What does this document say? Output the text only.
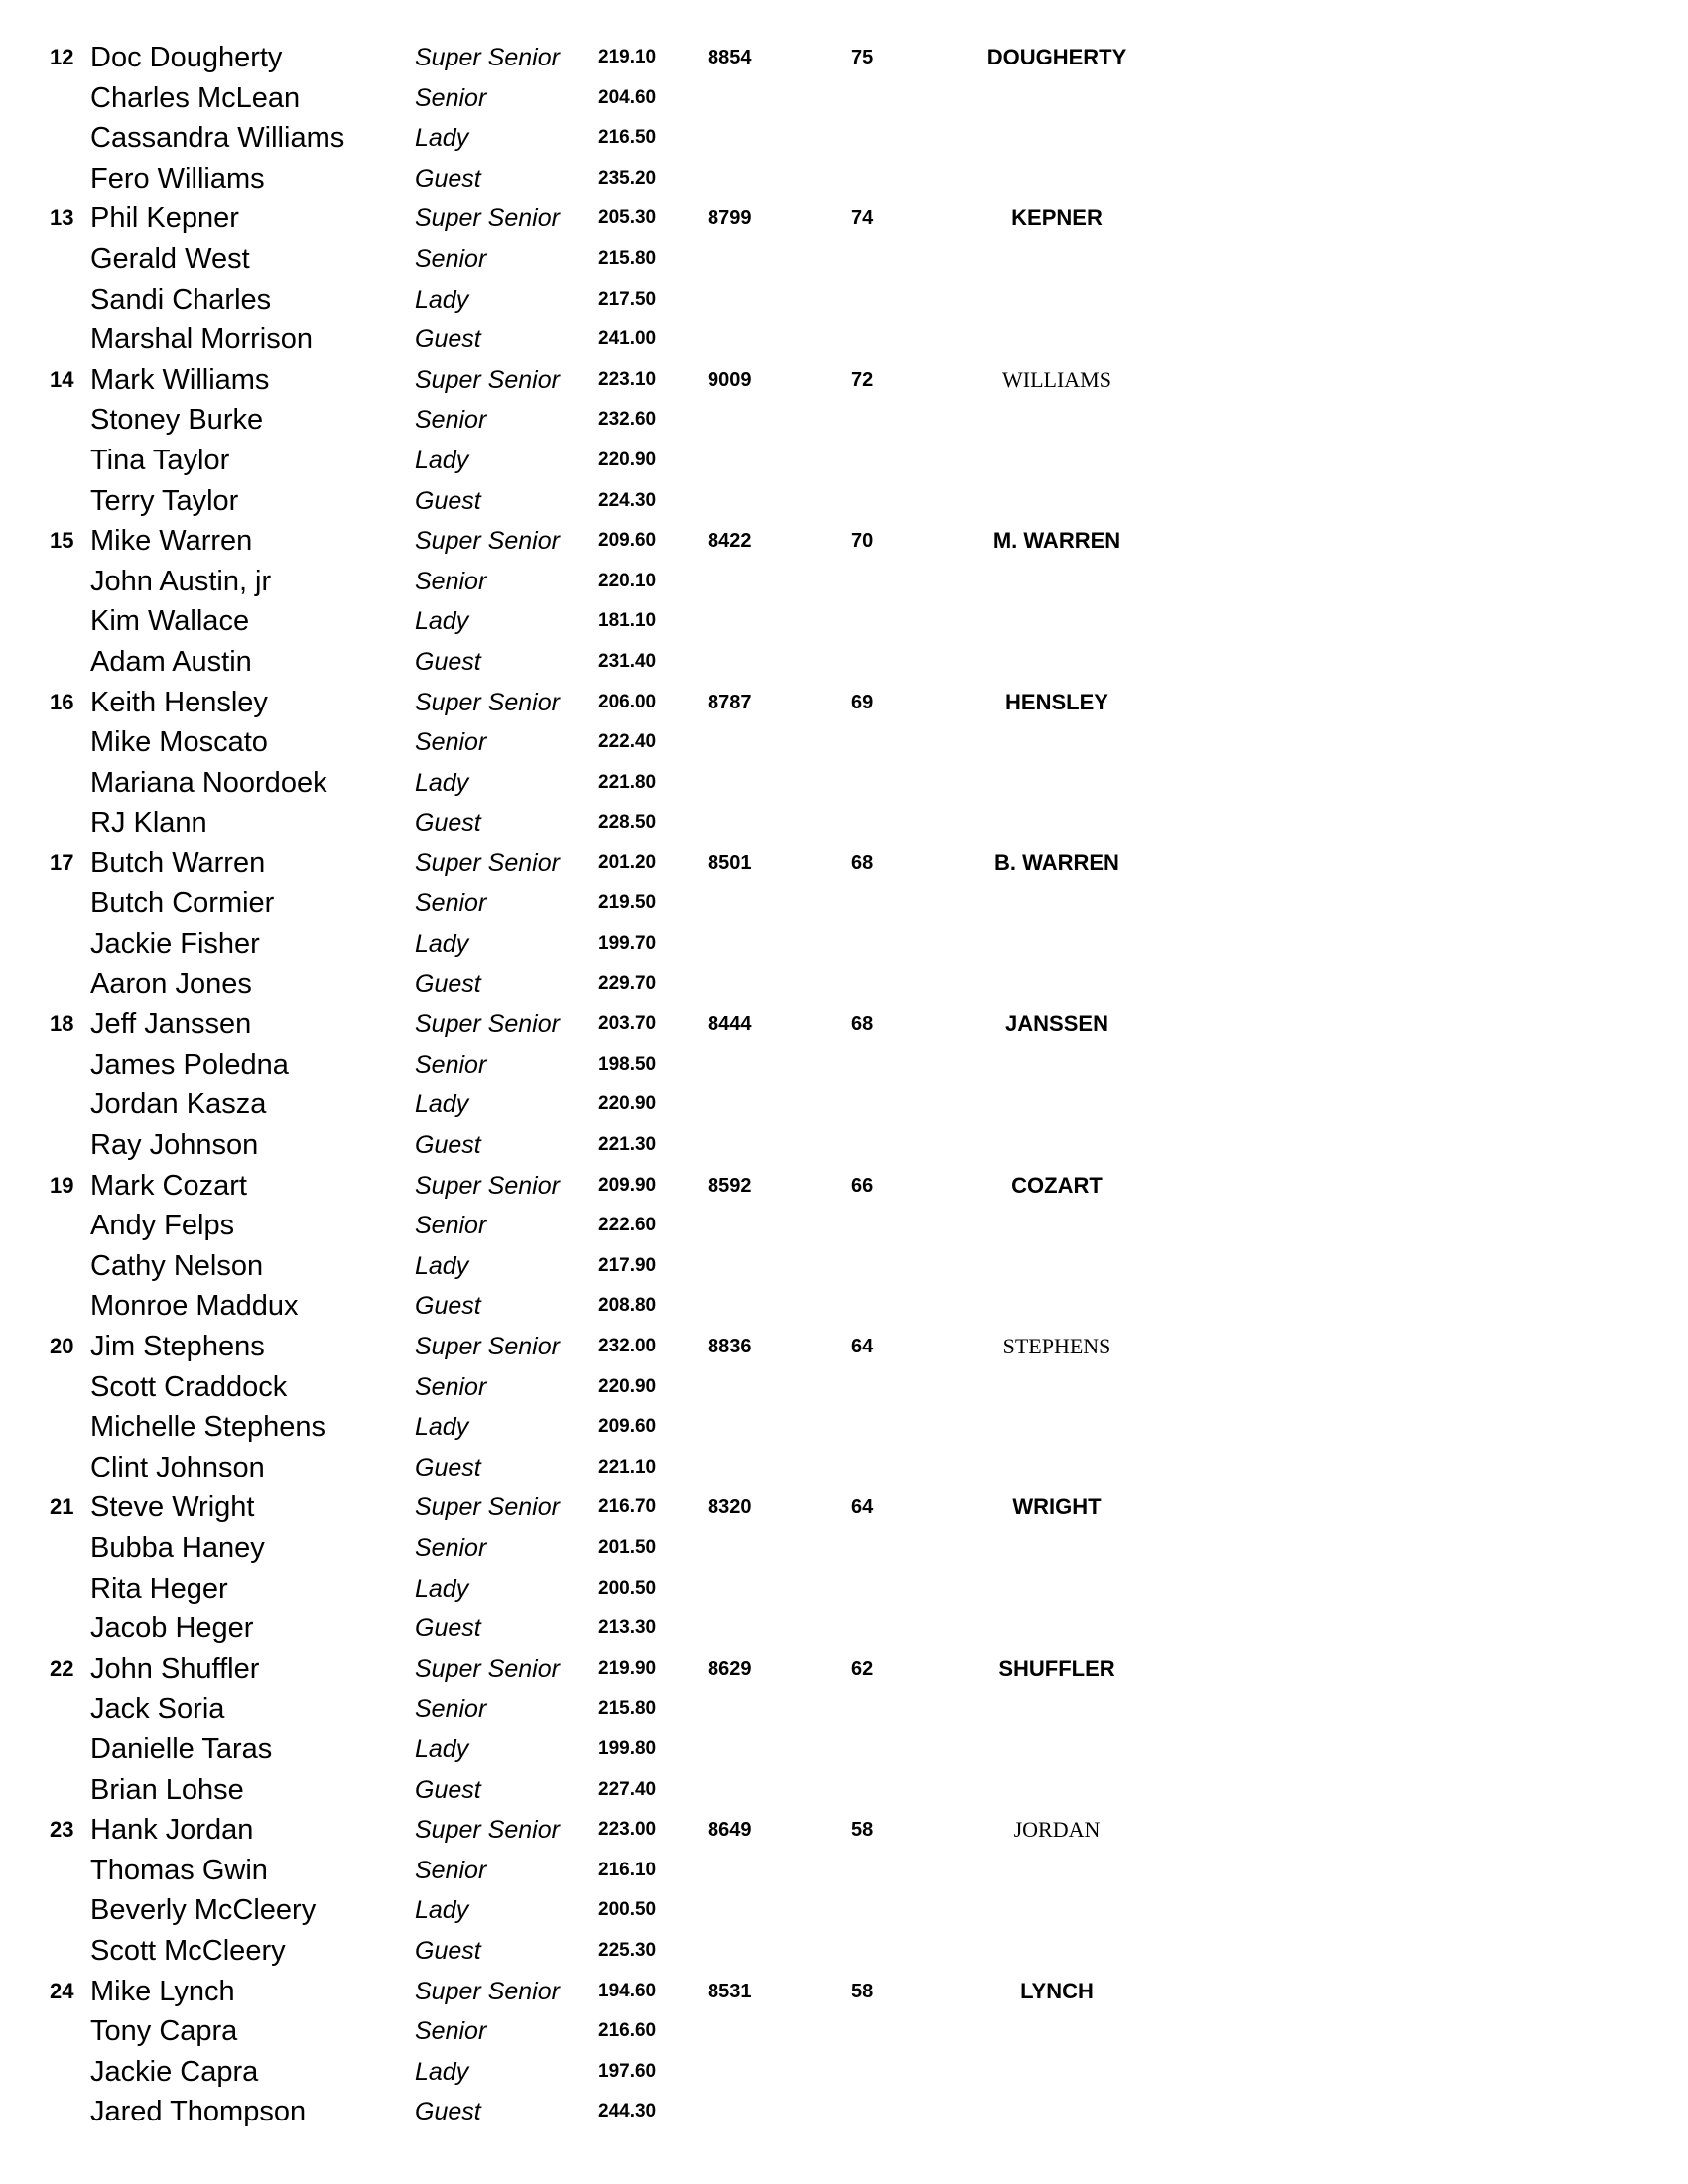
12 Doc Dougherty	Super Senior 219.10	8854	75	DOUGHERTY
Charles McLean	Senior	204.60
Cassandra Williams	Lady	216.50
Fero Williams	Guest	235.20
13 Phil Kepner	Super Senior 205.30	8799	74	KEPNER
Gerald West	Senior	215.80
Sandi Charles	Lady	217.50
Marshal Morrison	Guest	241.00
14 Mark Williams	Super Senior 223.10	9009	72	WILLIAMS
Stoney Burke	Senior	232.60
Tina Taylor	Lady	220.90
Terry Taylor	Guest	224.30
15 Mike Warren	Super Senior 209.60	8422	70	M. WARREN
John Austin, jr	Senior	220.10
Kim Wallace	Lady	181.10
Adam Austin	Guest	231.40
16 Keith Hensley	Super Senior 206.00	8787	69	HENSLEY
Mike Moscato	Senior	222.40
Mariana Noordoek	Lady	221.80
RJ Klann	Guest	228.50
17 Butch Warren	Super Senior 201.20	8501	68	B. WARREN
Butch Cormier	Senior	219.50
Jackie Fisher	Lady	199.70
Aaron Jones	Guest	229.70
18 Jeff Janssen	Super Senior 203.70	8444	68	JANSSEN
James Poledna	Senior	198.50
Jordan Kasza	Lady	220.90
Ray Johnson	Guest	221.30
19 Mark Cozart	Super Senior 209.90	8592	66	COZART
Andy Felps	Senior	222.60
Cathy Nelson	Lady	217.90
Monroe Maddux	Guest	208.80
20 Jim Stephens	Super Senior 232.00	8836	64	STEPHENS
Scott Craddock	Senior	220.90
Michelle Stephens	Lady	209.60
Clint Johnson	Guest	221.10
21 Steve Wright	Super Senior 216.70	8320	64	WRIGHT
Bubba Haney	Senior	201.50
Rita Heger	Lady	200.50
Jacob Heger	Guest	213.30
22 John Shuffler	Super Senior 219.90	8629	62	SHUFFLER
Jack Soria	Senior	215.80
Danielle Taras	Lady	199.80
Brian Lohse	Guest	227.40
23 Hank Jordan	Super Senior 223.00	8649	58	JORDAN
Thomas Gwin	Senior	216.10
Beverly McCleery	Lady	200.50
Scott McCleery	Guest	225.30
24 Mike Lynch	Super Senior 194.60	8531	58	LYNCH
Tony Capra	Senior	216.60
Jackie Capra	Lady	197.60
Jared Thompson	Guest	244.30
